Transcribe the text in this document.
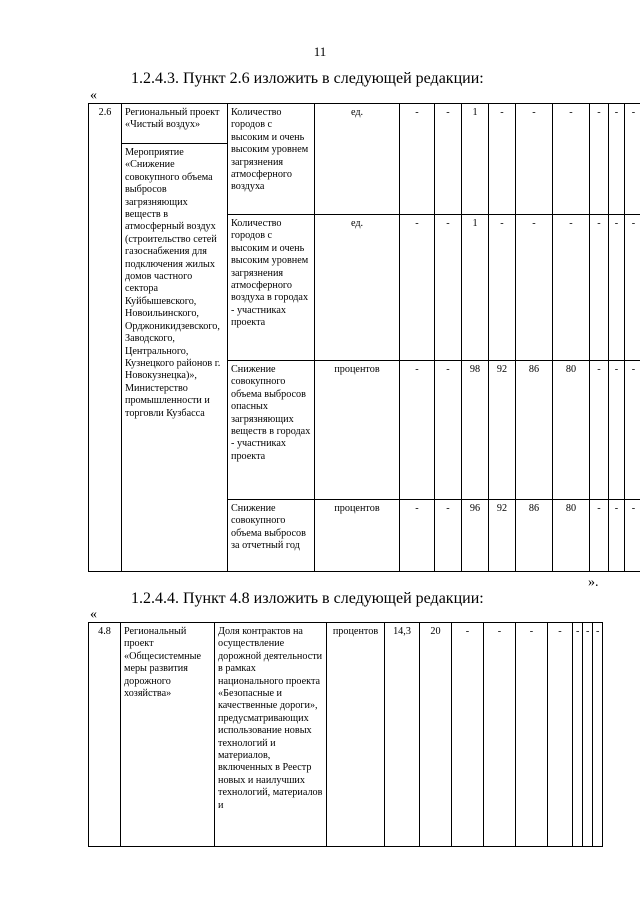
11
1.2.4.3. Пункт 2.6 изложить в следующей редакции:
«
2.6	Региональный проект «Чистый воздух»	Количество городов с высоким и очень высоким уровнем загрязнения атмосферного воздуха	ед.	-	-	1	-	-	-	-	-	-
	Мероприятие «Снижение совокупного объема выбросов загрязняющих веществ в атмосферный воздух (строительство сетей газоснабжения для подключения жилых домов частного сектора Куйбышевского, Новоильинского, Орджоникидзевского, Заводского, Центрального, Кузнецкого районов г. Новокузнецка)», Министерство промышленности и торговли Кузбасса											
		Количество городов с высоким и очень высоким уровнем загрязнения атмосферного воздуха в городах - участниках проекта	ед.	-	-	1	-	-	-	-	-	-
		Снижение совокупного объема выбросов опасных загрязняющих веществ в городах - участниках проекта	процентов	-	-	98	92	86	80	-	-	-
		Снижение совокупного объема выбросов за отчетный год	процентов	-	-	96	92	86	80	-	-	-
».
1.2.4.4. Пункт 4.8 изложить в следующей редакции:
«
4.8	Региональный проект «Общесистемные меры развития дорожного хозяйства»	Доля контрактов на осуществление дорожной деятельности в рамках национального проекта «Безопасные и качественные дороги», предусматривающих использование новых технологий и материалов, включенных в Реестр новых и наилучших технологий, материалов и	процентов	14,3	20	-	-	-	-	-	-	-
